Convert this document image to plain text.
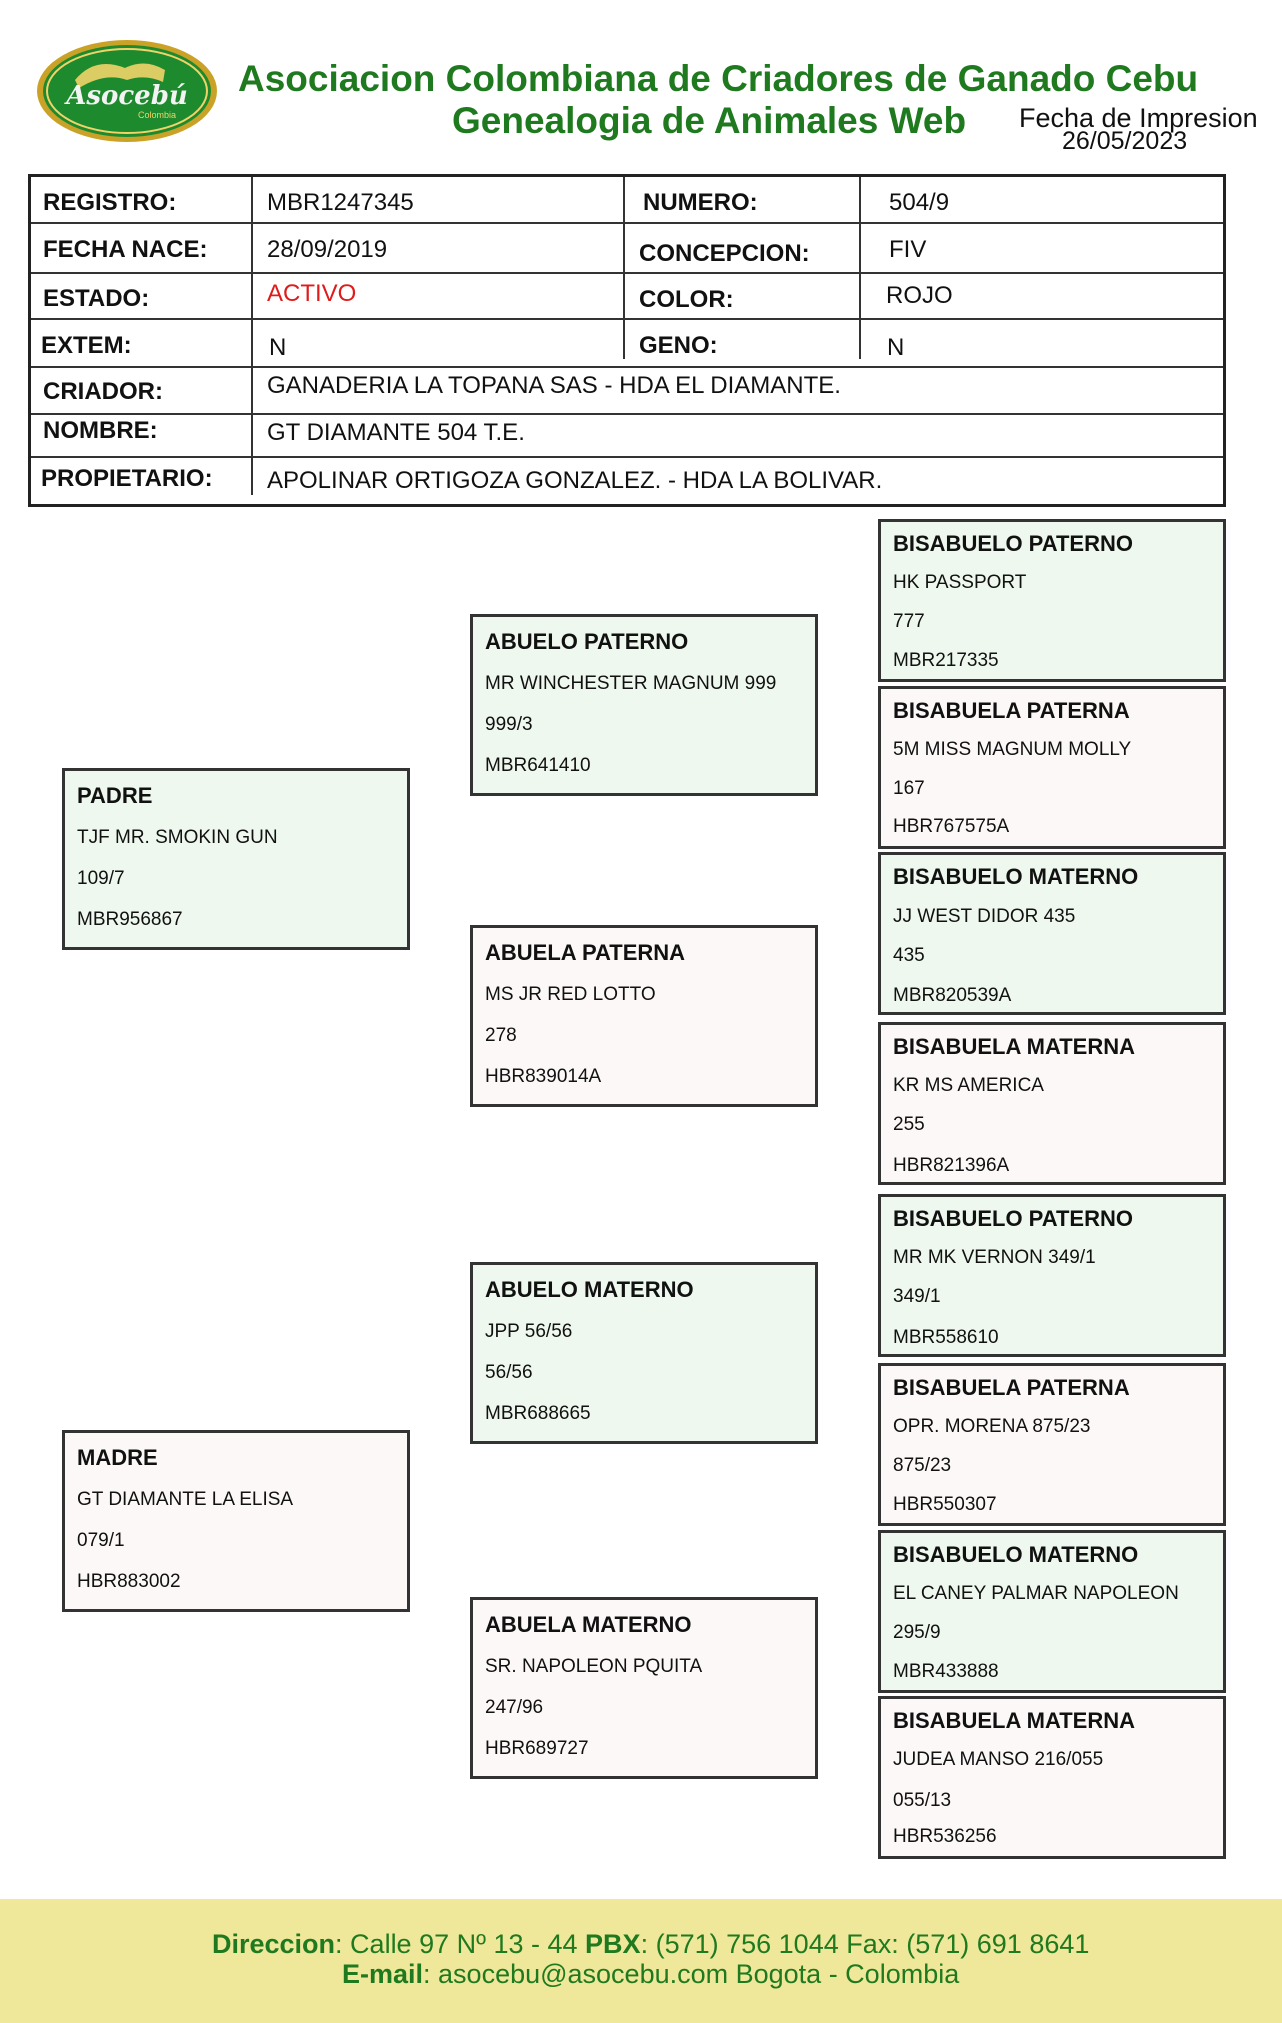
Asocebú
Colombia
Asociacion Colombiana de Criadores de Ganado Cebu
Genealogia de Animales Web Fecha de Impresion
26/05/2023
REGISTRO:	MBR1247345	NUMERO:	504/9
FECHA NACE: 28/09/2019	CONCEPCION:	FIV
ESTADO:	ACTIVO	COLOR:	ROJO
EXTEM:	N	GENO:	N
CRIADOR:	GANADERIA LA TOPANA SAS - HDA EL DIAMANTE.
NOMBRE:	GT DIAMANTE 504 T.E.
PROPIETARIO: APOLINAR ORTIGOZA GONZALEZ. - HDA LA BOLIVAR.
PADRE
TJF MR. SMOKIN GUN
109/7
MBR956867
MADRE
GT DIAMANTE LA ELISA
079/1
HBR883002
ABUELO PATERNO
MR WINCHESTER MAGNUM 999
999/3
MBR641410
ABUELA PATERNA
MS JR RED LOTTO
278
HBR839014A
ABUELO MATERNO
JPP 56/56
56/56
MBR688665
ABUELA MATERNO
SR. NAPOLEON PQUITA
247/96
HBR689727
BISABUELO PATERNO
HK PASSPORT
777
MBR217335
BISABUELA PATERNA
5M MISS MAGNUM MOLLY
167
HBR767575A
BISABUELO MATERNO
JJ WEST DIDOR 435
435
MBR820539A
BISABUELA MATERNA
KR MS AMERICA
255
HBR821396A
BISABUELO PATERNO
MR MK VERNON 349/1
349/1
MBR558610
BISABUELA PATERNA
OPR. MORENA 875/23
875/23
HBR550307
BISABUELO MATERNO
EL CANEY PALMAR NAPOLEON
295/9
MBR433888
BISABUELA MATERNA
JUDEA MANSO 216/055
055/13
HBR536256
Direccion: Calle 97 Nº 13 - 44 PBX: (571) 756 1044 Fax: (571) 691 8641
E-mail: asocebu@asocebu.com Bogota - Colombia
